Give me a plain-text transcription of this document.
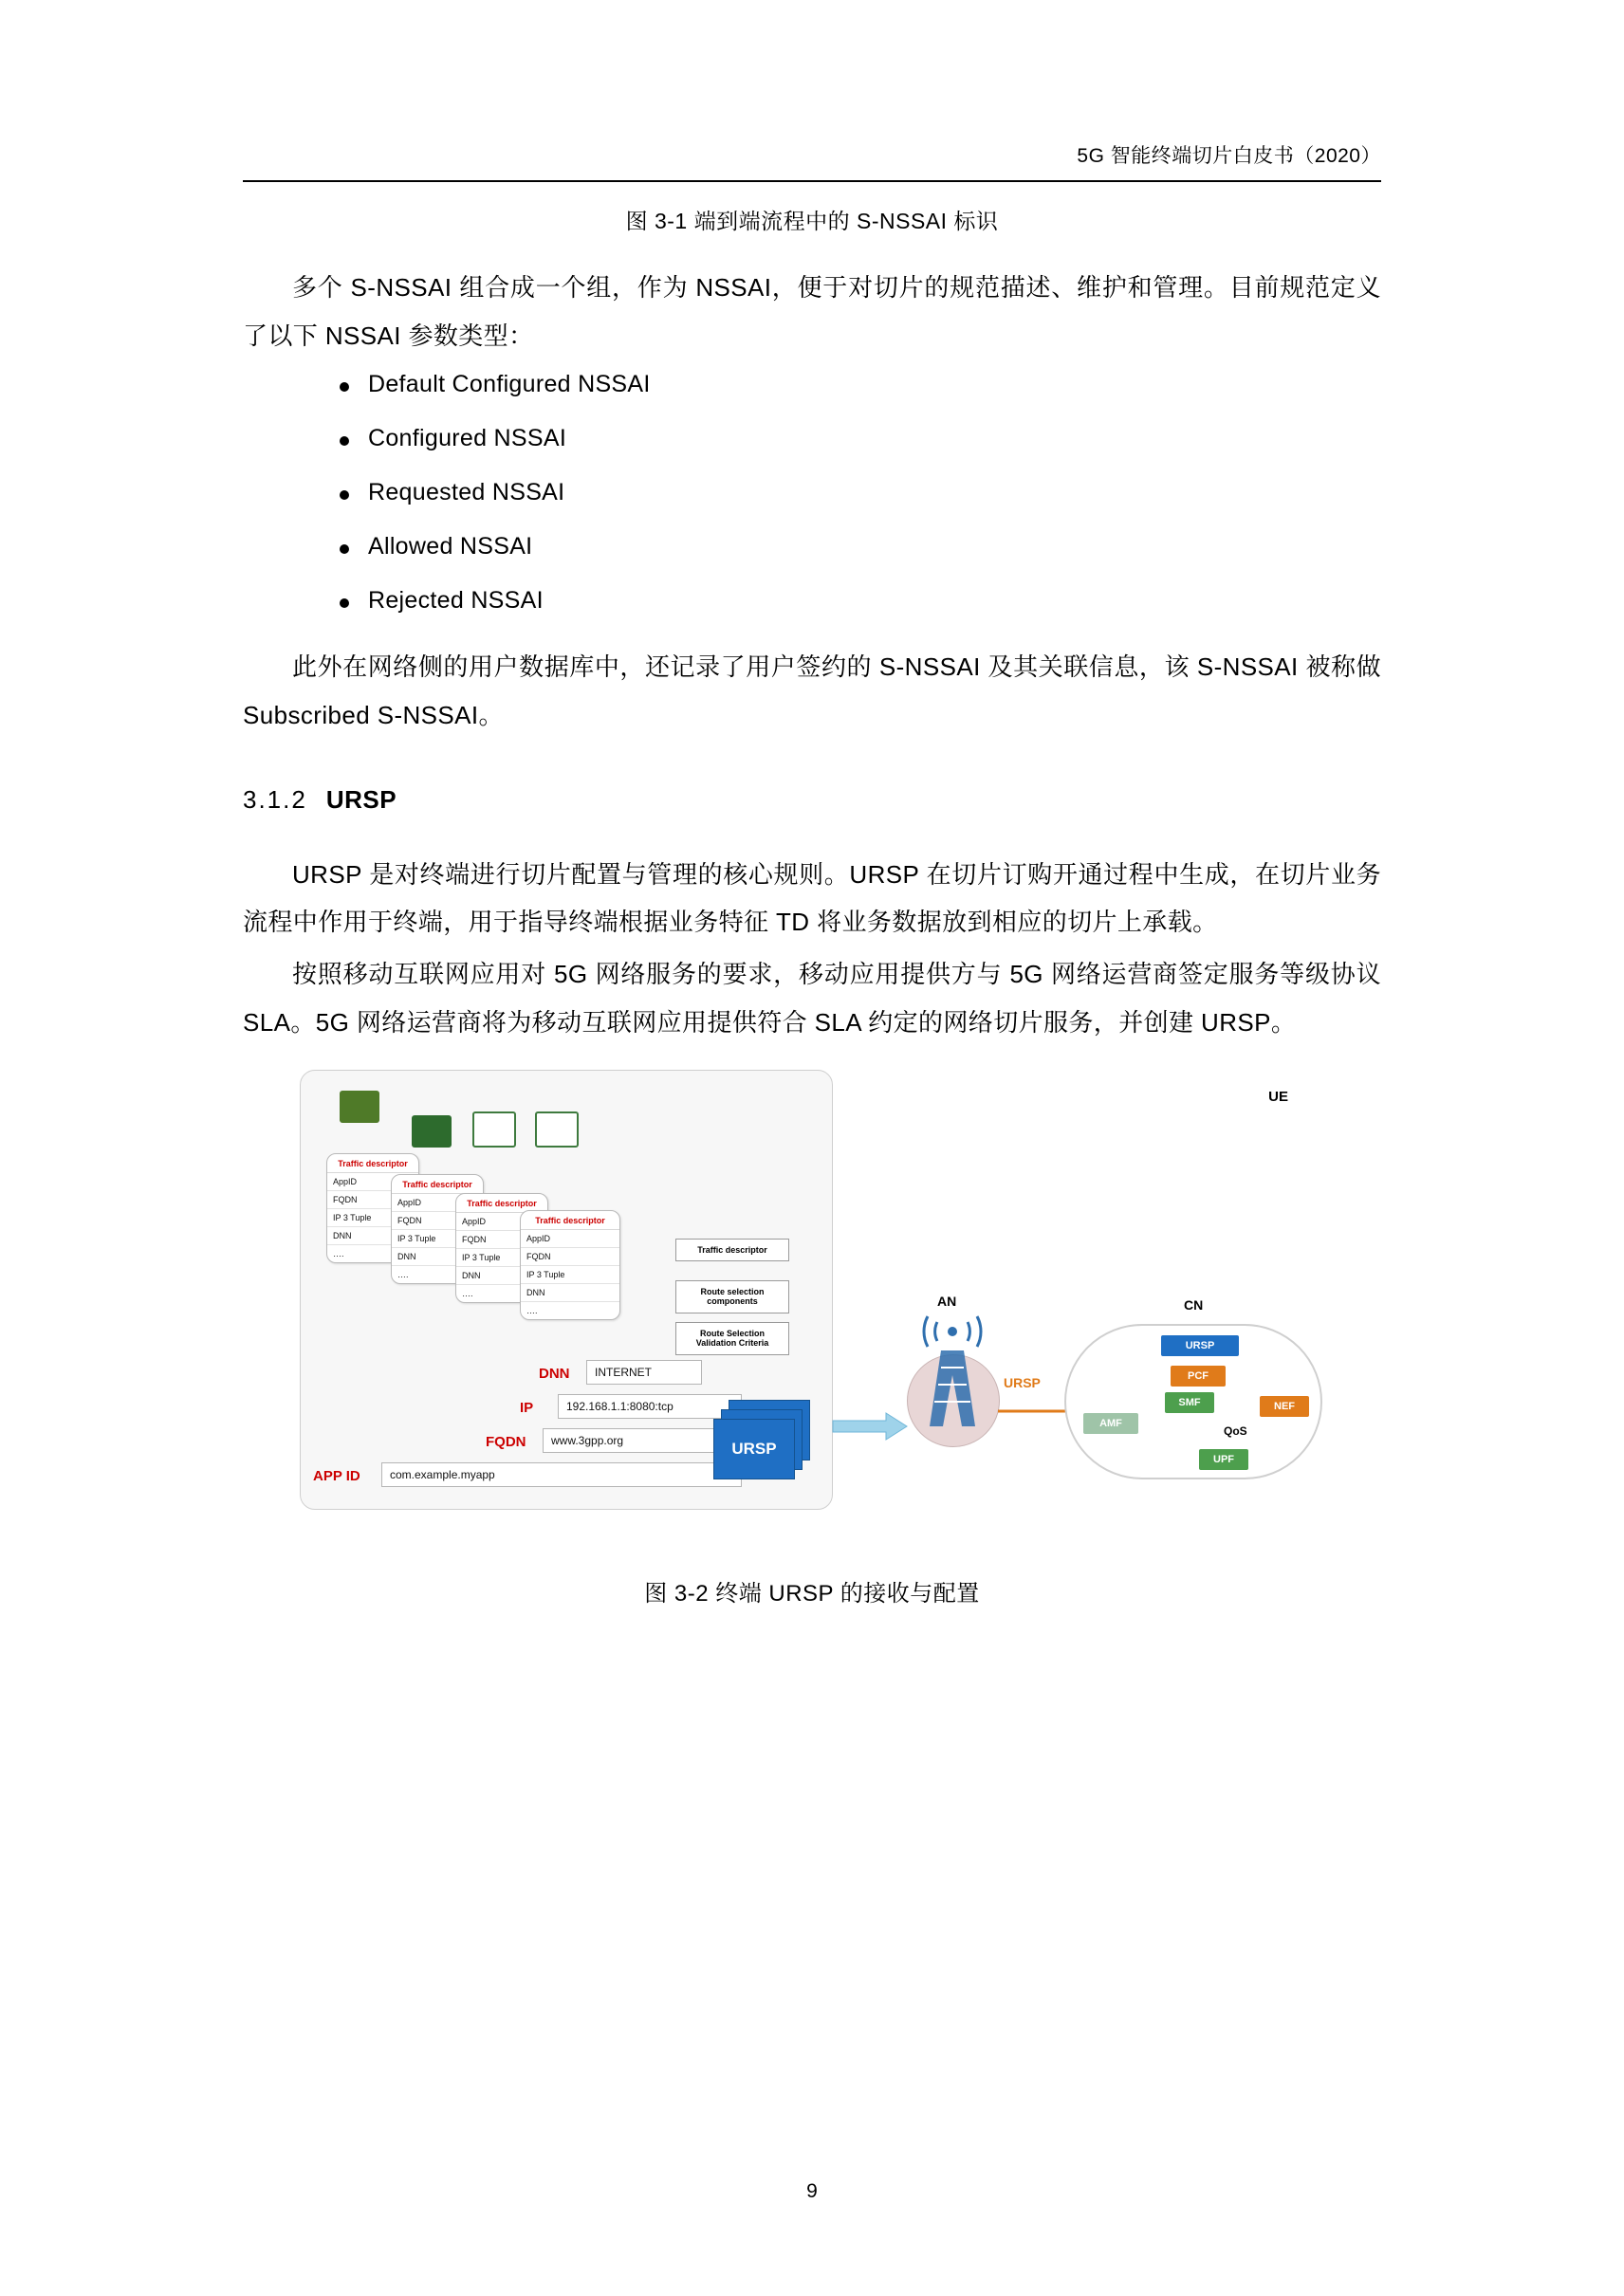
5G 智能终端切片白皮书（2020）
图 3-1 端到端流程中的 S-NSSAI 标识

多个 S-NSSAI 组合成一个组，作为 NSSAI，便于对切片的规范描述、维护和管理。目前规范定义了以下 NSSAI 参数类型：

Default Configured NSSAI
Configured NSSAI
Requested NSSAI
Allowed NSSAI
Rejected NSSAI

此外在网络侧的用户数据库中，还记录了用户签约的 S-NSSAI 及其关联信息，该 S-NSSAI 被称做 Subscribed S-NSSAI。

3.1.2 URSP

URSP 是对终端进行切片配置与管理的核心规则。URSP 在切片订购开通过程中生成，在切片业务流程中作用于终端，用于指导终端根据业务特征 TD 将业务数据放到相应的切片上承载。

按照移动互联网应用对 5G 网络服务的要求，移动应用提供方与 5G 网络运营商签定服务等级协议 SLA。5G 网络运营商将为移动互联网应用提供符合 SLA 约定的网络切片服务，并创建 URSP。

UE
Traffic descriptor
AppID
FQDN
IP 3 Tuple
DNN
….
Traffic descriptor
AppID
FQDN
IP 3 Tuple
DNN
….
Traffic descriptor
AppID
FQDN
IP 3 Tuple
DNN
….
Traffic descriptor
AppID
FQDN
IP 3 Tuple
DNN
….
Traffic descriptor
Route selection components
Route Selection Validation Criteria
DNN	INTERNET
IP	192.168.1.1:8080:tcp
FQDN	www.3gpp.org
APP ID	com.example.myapp
URSP
AN
URSP
CN
URSP
PCF
NEF
SMF
UPF
AMF
QoS
图 3-2 终端 URSP 的接收与配置
9
